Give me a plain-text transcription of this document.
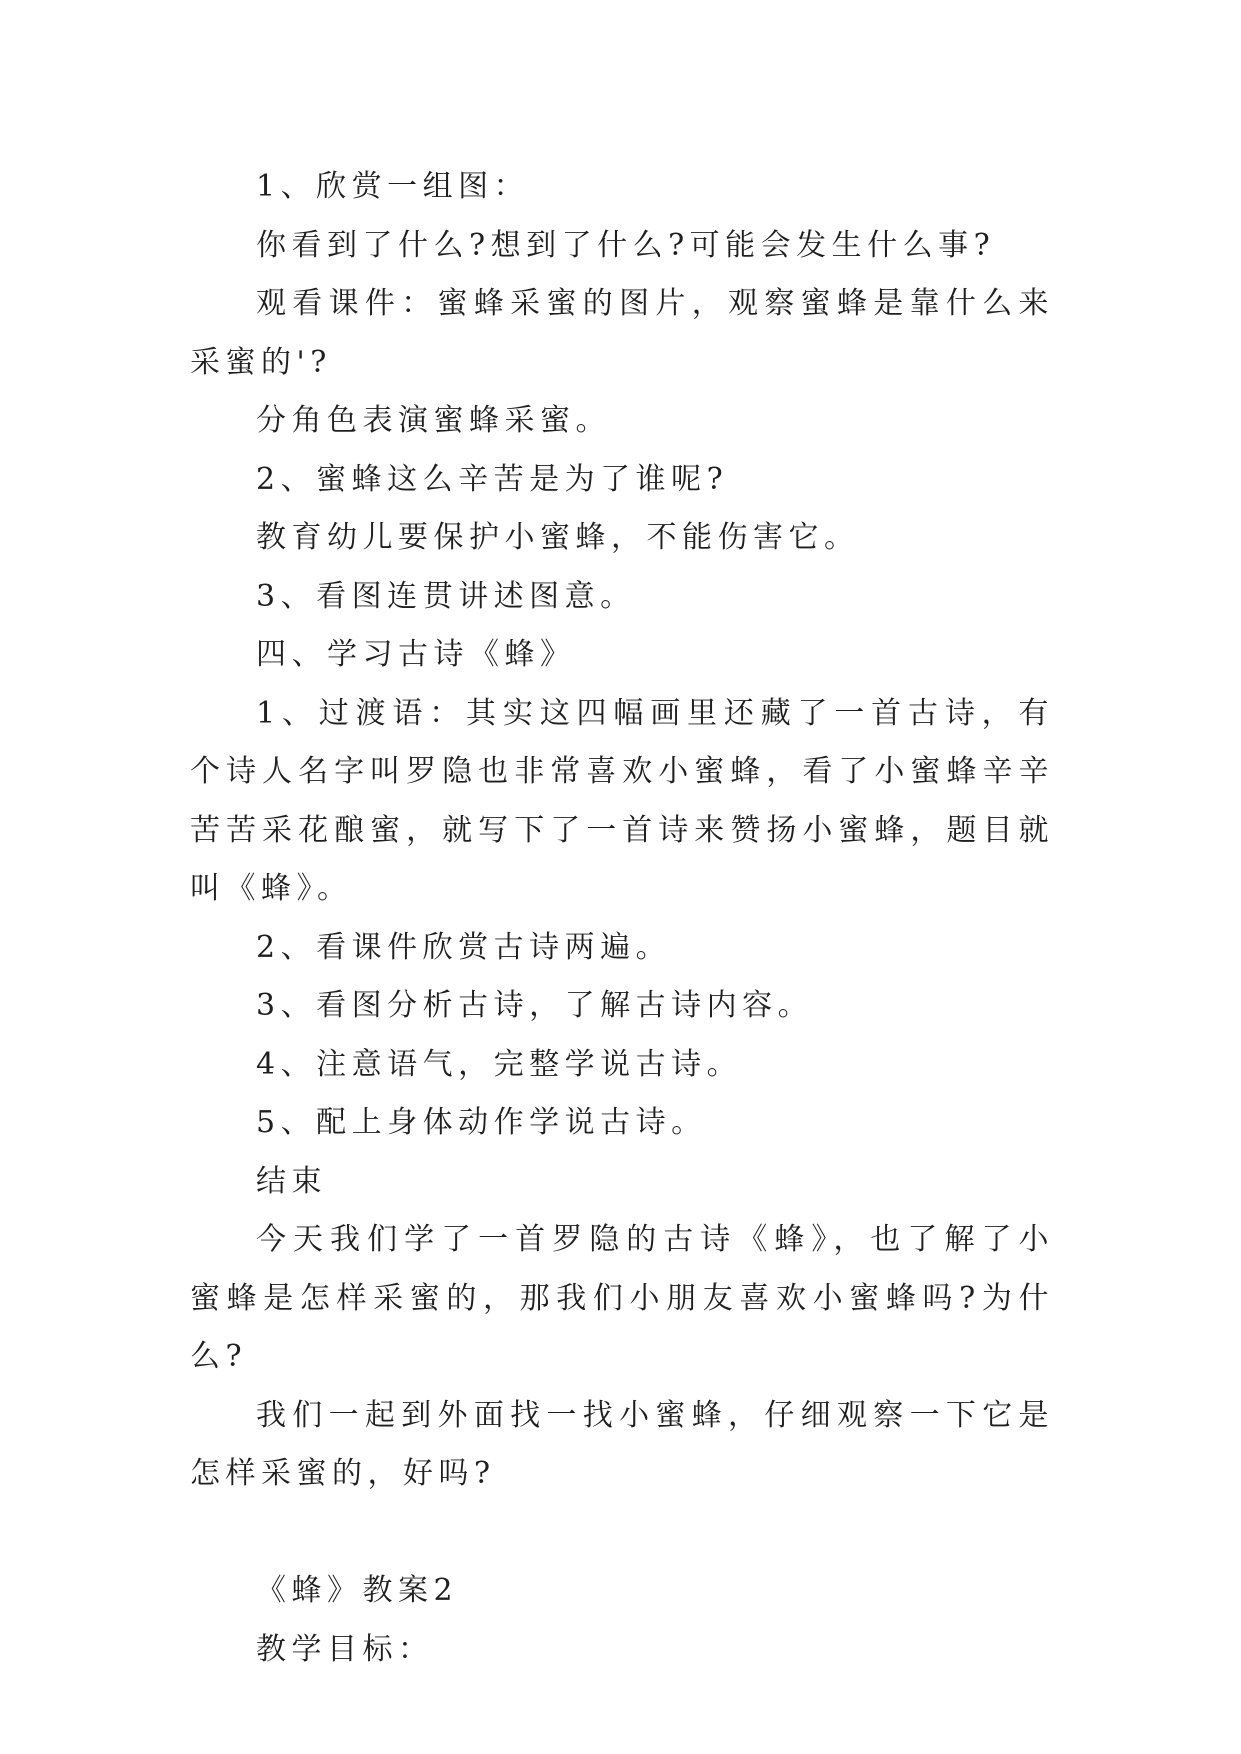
1、欣赏一组图：

你看到了什么?想到了什么?可能会发生什么事?

观看课件：蜜蜂采蜜的图片，观察蜜蜂是靠什么来采蜜的'?

分角色表演蜜蜂采蜜。

2、蜜蜂这么辛苦是为了谁呢?

教育幼儿要保护小蜜蜂，不能伤害它。

3、看图连贯讲述图意。

四、学习古诗《蜂》

1、过渡语：其实这四幅画里还藏了一首古诗，有个诗人名字叫罗隐也非常喜欢小蜜蜂，看了小蜜蜂辛辛苦苦采花酿蜜，就写下了一首诗来赞扬小蜜蜂，题目就叫《蜂》。

2、看课件欣赏古诗两遍。

3、看图分析古诗，了解古诗内容。

4、注意语气，完整学说古诗。

5、配上身体动作学说古诗。

结束

今天我们学了一首罗隐的古诗《蜂》，也了解了小蜜蜂是怎样采蜜的，那我们小朋友喜欢小蜜蜂吗?为什么?

我们一起到外面找一找小蜜蜂，仔细观察一下它是怎样采蜜的，好吗?

《蜂》教案2

教学目标：
